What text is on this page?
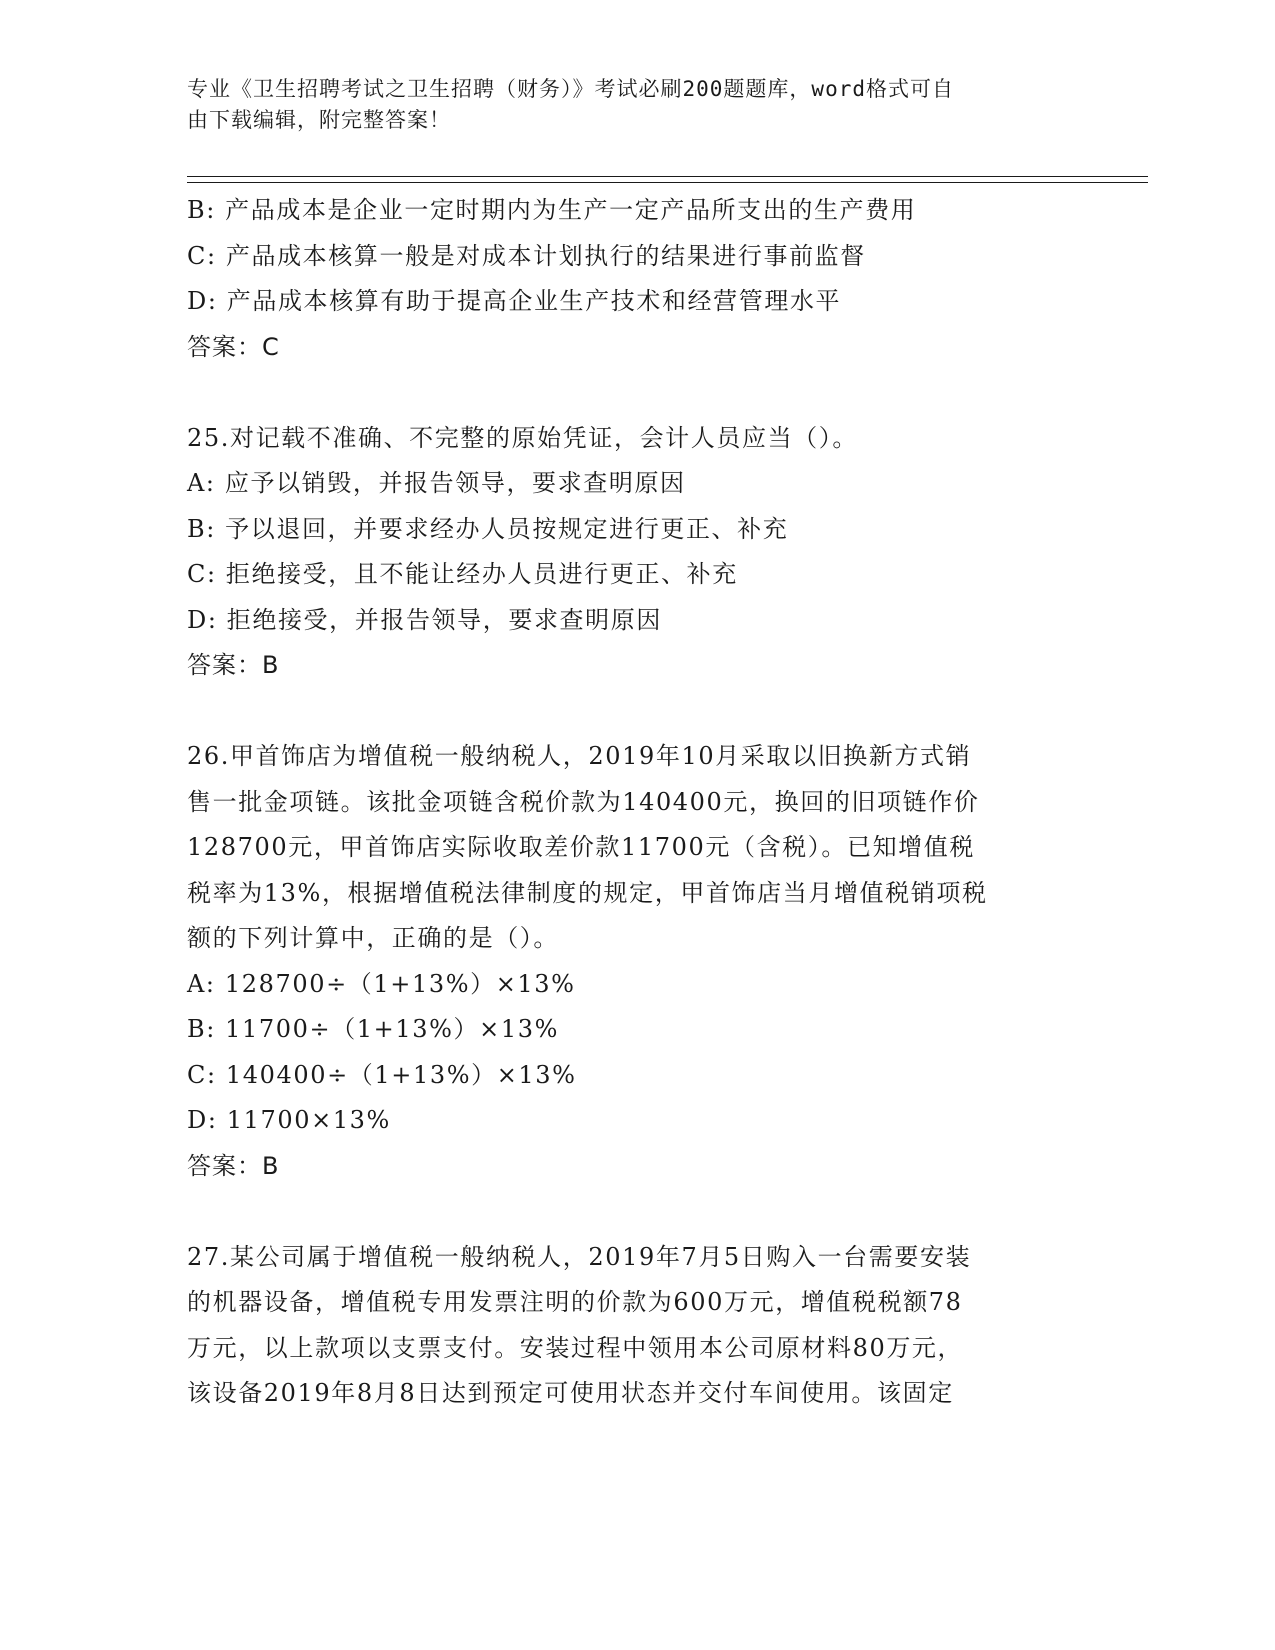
专业《卫生招聘考试之卫生招聘（财务）》考试必刷200题题库，word格式可自
由下载编辑，附完整答案！
B: 产品成本是企业一定时期内为生产一定产品所支出的生产费用
C: 产品成本核算一般是对成本计划执行的结果进行事前监督
D: 产品成本核算有助于提高企业生产技术和经营管理水平
答案：C
25.对记载不准确、不完整的原始凭证，会计人员应当（）。
A: 应予以销毁，并报告领导，要求查明原因
B: 予以退回，并要求经办人员按规定进行更正、补充
C: 拒绝接受，且不能让经办人员进行更正、补充
D: 拒绝接受，并报告领导，要求查明原因
答案：B
26.甲首饰店为增值税一般纳税人，2019年10月采取以旧换新方式销
售一批金项链。该批金项链含税价款为140400元，换回的旧项链作价
128700元，甲首饰店实际收取差价款11700元（含税）。已知增值税
税率为13%，根据增值税法律制度的规定，甲首饰店当月增值税销项税
额的下列计算中，正确的是（）。
A: 128700÷（1+13%）×13%
B: 11700÷（1+13%）×13%
C: 140400÷（1+13%）×13%
D: 11700×13%
答案：B
27.某公司属于增值税一般纳税人，2019年7月5日购入一台需要安装
的机器设备，增值税专用发票注明的价款为600万元，增值税税额78
万元，以上款项以支票支付。安装过程中领用本公司原材料80万元，
该设备2019年8月8日达到预定可使用状态并交付车间使用。该固定
